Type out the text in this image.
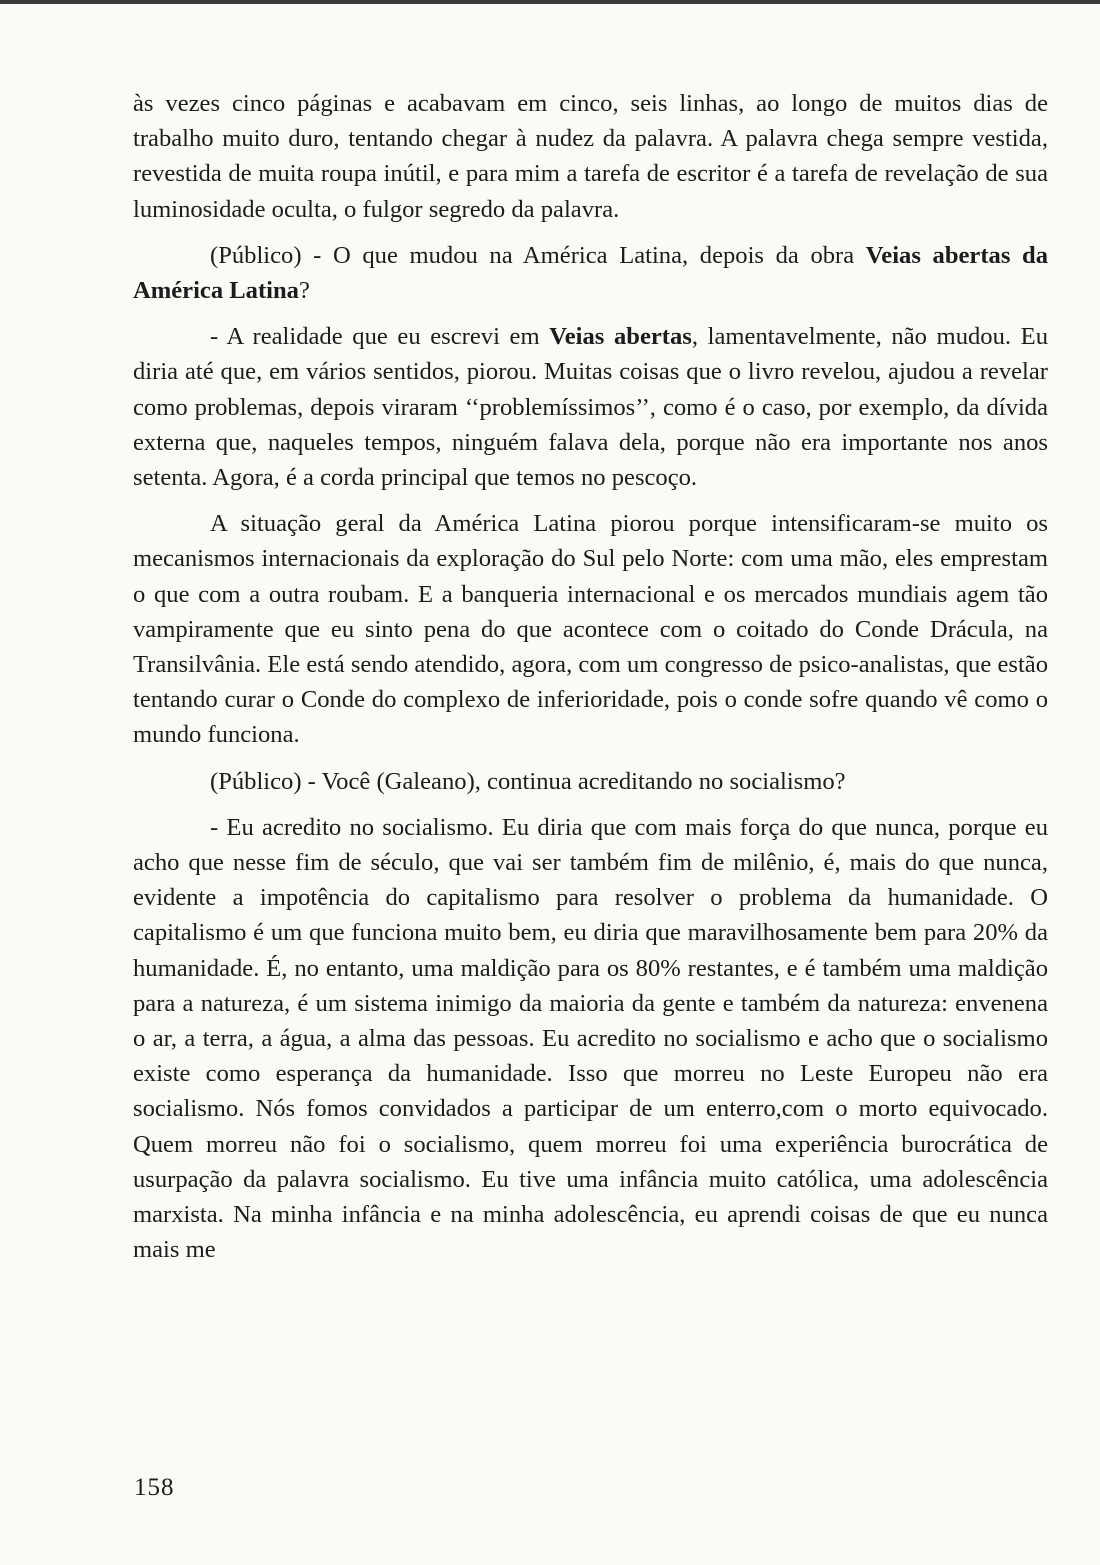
às vezes cinco páginas e acabavam em cinco, seis linhas, ao longo de muitos dias de trabalho muito duro, tentando chegar à nudez da palavra. A palavra chega sempre vestida, revestida de muita roupa inútil, e para mim a tarefa de escritor é a tarefa de revelação de sua luminosidade oculta, o fulgor segredo da palavra.

(Público) - O que mudou na América Latina, depois da obra Veias abertas da América Latina?

- A realidade que eu escrevi em Veias abertas, lamentavelmente, não mudou. Eu diria até que, em vários sentidos, piorou. Muitas coisas que o livro revelou, ajudou a revelar como problemas, depois viraram ‘‘problemíssimos’’, como é o caso, por exemplo, da dívida externa que, naqueles tempos, ninguém falava dela, porque não era importante nos anos setenta. Agora, é a corda principal que temos no pescoço.

A situação geral da América Latina piorou porque intensificaram-se muito os mecanismos internacionais da exploração do Sul pelo Norte: com uma mão, eles emprestam o que com a outra roubam. E a banqueria internacional e os mercados mundiais agem tão vampiramente que eu sinto pena do que acontece com o coitado do Conde Drácula, na Transilvânia. Ele está sendo atendido, agora, com um congresso de psico-analistas, que estão tentando curar o Conde do complexo de inferioridade, pois o conde sofre quando vê como o mundo funciona.

(Público) - Você (Galeano), continua acreditando no socialismo?

- Eu acredito no socialismo. Eu diria que com mais força do que nunca, porque eu acho que nesse fim de século, que vai ser também fim de milênio, é, mais do que nunca, evidente a impotência do capitalismo para resolver o problema da humanidade. O capitalismo é um que funciona muito bem, eu diria que maravilhosamente bem para 20% da humanidade. É, no entanto, uma maldição para os 80% restantes, e é também uma maldição para a natureza, é um sistema inimigo da maioria da gente e também da natureza: envenena o ar, a terra, a água, a alma das pessoas. Eu acredito no socialismo e acho que o socialismo existe como esperança da humanidade. Isso que morreu no Leste Europeu não era socialismo. Nós fomos convidados a participar de um enterro,com o morto equivocado. Quem morreu não foi o socialismo, quem morreu foi uma experiência burocrática de usurpação da palavra socialismo. Eu tive uma infância muito católica, uma adolescência marxista. Na minha infância e na minha adolescência, eu aprendi coisas de que eu nunca mais me

158
